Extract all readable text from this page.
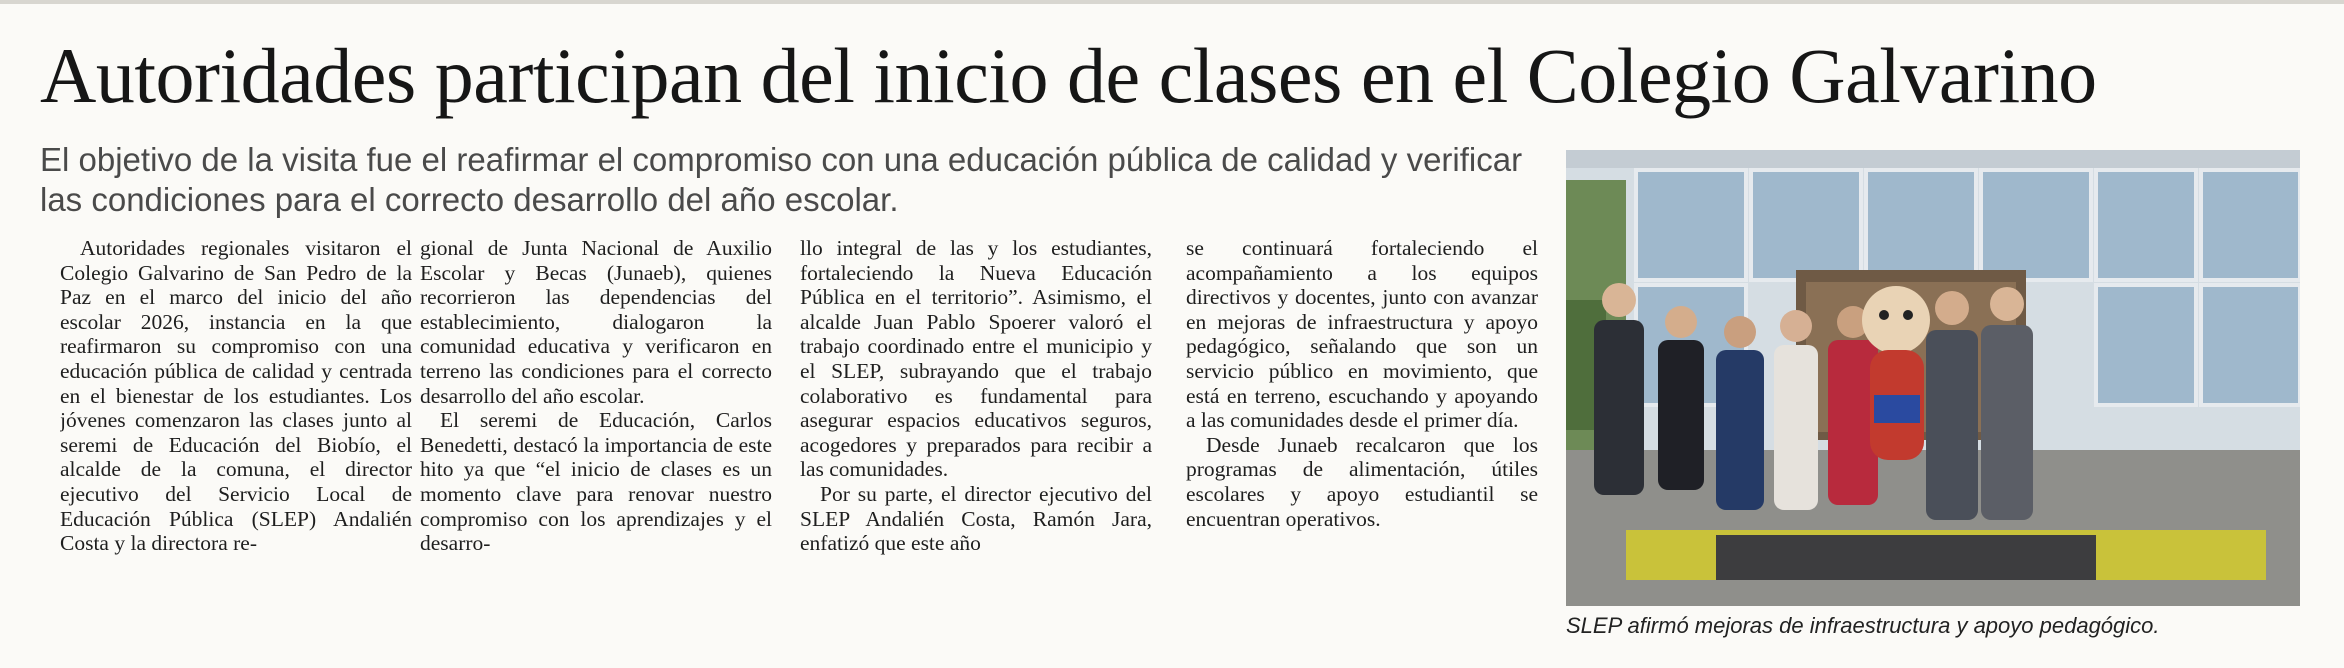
Autoridades participan del inicio de clases en el Colegio Galvarino
El objetivo de la visita fue el reafirmar el compromiso con una educación pública de calidad y verificar las condiciones para el correcto desarrollo del año escolar.

Autoridades regionales visitaron el Colegio Galvarino de San Pedro de la Paz en el marco del inicio del año escolar 2026, instancia en la que reafirmaron su compromiso con una educación pública de calidad y centrada en el bienestar de los estudiantes. Los jóvenes comenzaron las clases junto al seremi de Educación del Biobío, el alcalde de la comuna, el director ejecutivo del Servicio Local de Educación Pública (SLEP) Andalién Costa y la directora re-

gional de Junta Nacional de Auxilio Escolar y Becas (Junaeb), quienes recorrieron las dependencias del establecimiento, dialogaron la comunidad educativa y verificaron en terreno las condiciones para el correcto desarrollo del año escolar.

El seremi de Educación, Carlos Benedetti, destacó la importancia de este hito ya que “el inicio de clases es un momento clave para renovar nuestro compromiso con los aprendizajes y el desarro-

llo integral de las y los estudiantes, fortaleciendo la Nueva Educación Pública en el territorio”. Asimismo, el alcalde Juan Pablo Spoerer valoró el trabajo coordinado entre el municipio y el SLEP, subrayando que el trabajo colaborativo es fundamental para asegurar espacios educativos seguros, acogedores y preparados para recibir a las comunidades.

Por su parte, el director ejecutivo del SLEP Andalién Costa, Ramón Jara, enfatizó que este año

se continuará fortaleciendo el acompañamiento a los equipos directivos y docentes, junto con avanzar en mejoras de infraestructura y apoyo pedagógico, señalando que son un servicio público en movimiento, que está en terreno, escuchando y apoyando a las comunidades desde el primer día.

Desde Junaeb recalcaron que los programas de alimentación, útiles escolares y apoyo estudiantil se encuentran operativos.

SLEP afirmó mejoras de infraestructura y apoyo pedagógico.
